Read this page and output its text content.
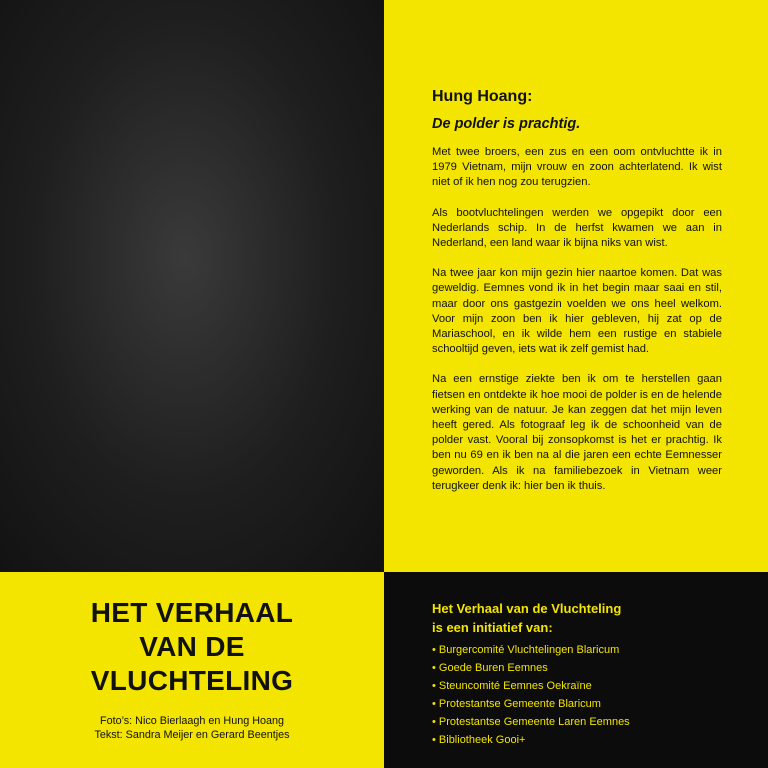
Hung Hoang:
De polder is prachtig.

Met twee broers, een zus en een oom ontvluchtte ik in 1979 Vietnam, mijn vrouw en zoon achterlatend. Ik wist niet of ik hen nog zou terugzien.

Als bootvluchtelingen werden we opgepikt door een Nederlands schip. In de herfst kwamen we aan in Nederland, een land waar ik bijna niks van wist.

Na twee jaar kon mijn gezin hier naartoe komen. Dat was geweldig. Eemnes vond ik in het begin maar saai en stil, maar door ons gastgezin voelden we ons heel welkom. Voor mijn zoon ben ik hier gebleven, hij zat op de Mariaschool, en ik wilde hem een rustige en stabiele schooltijd geven, iets wat ik zelf gemist had.

Na een ernstige ziekte ben ik om te herstellen gaan fietsen en ontdekte ik hoe mooi de polder is en de helende werking van de natuur. Je kan zeggen dat het mijn leven heeft gered. Als fotograaf leg ik de schoonheid van de polder vast. Vooral bij zonsopkomst is het er prachtig. Ik ben nu 69 en ik ben na al die jaren een echte Eemnesser geworden. Als ik na familiebezoek in Vietnam weer terugkeer denk ik: hier ben ik thuis.

HET VERHAAL
VAN DE
VLUCHTELING
Foto’s: Nico Bierlaagh en Hung Hoang
Tekst: Sandra Meijer en Gerard Beentjes
Het Verhaal van de Vluchteling
is een initiatief van:
• Burgercomité Vluchtelingen Blaricum
• Goede Buren Eemnes
• Steuncomité Eemnes Oekraïne
• Protestantse Gemeente Blaricum
• Protestantse Gemeente Laren Eemnes
• Bibliotheek Gooi+
